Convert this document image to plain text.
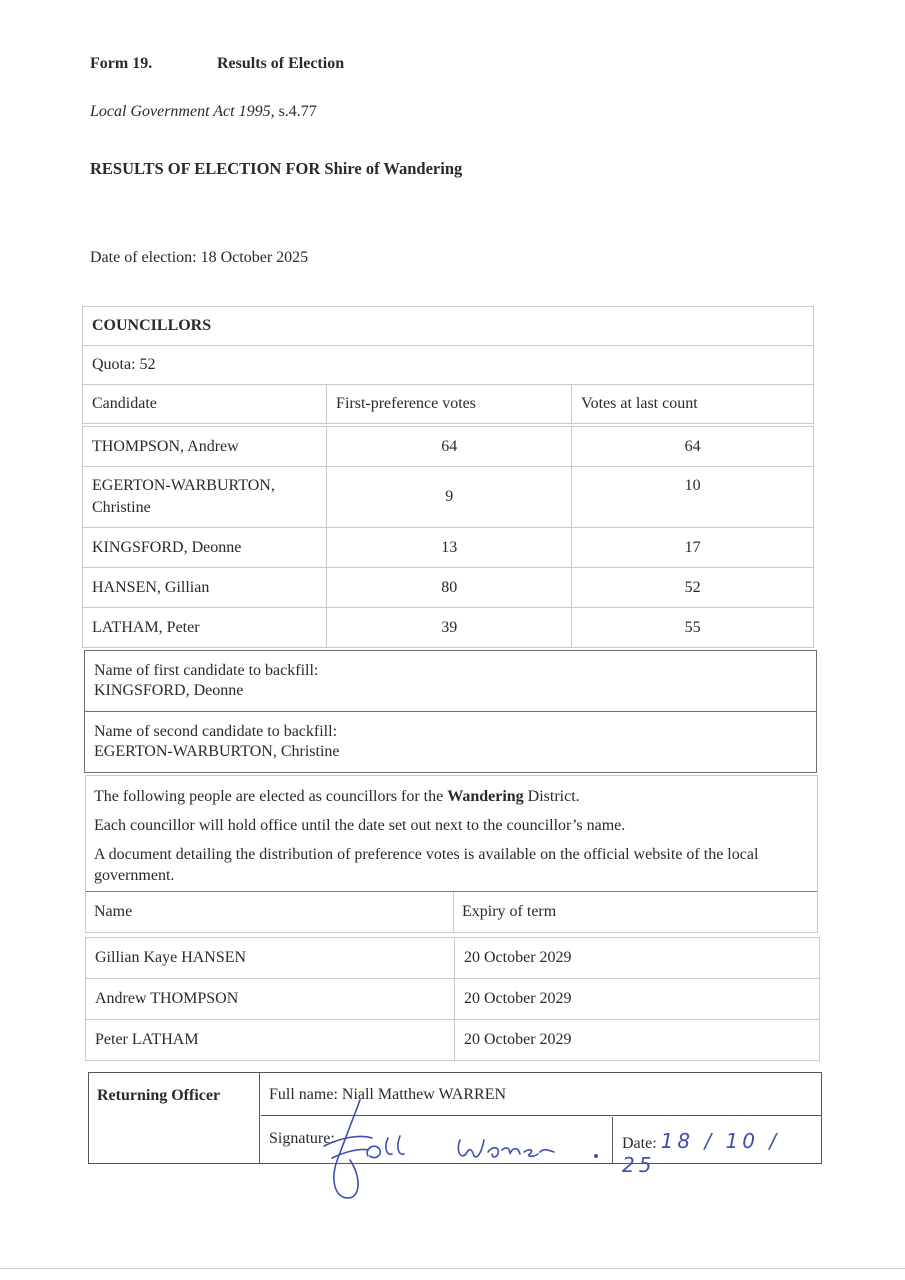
Form 19.	Results of Election
Local Government Act 1995, s.4.77
RESULTS OF ELECTION FOR Shire of Wandering
Date of election: 18 October 2025
COUNCILLORS
Quota: 52
Candidate	First-preference votes	Votes at last count
THOMPSON, Andrew	64	64
EGERTON-WARBURTON, Christine	9	10
KINGSFORD, Deonne	13	17
HANSEN, Gillian	80	52
LATHAM, Peter	39	55
Name of first candidate to backfill:
KINGSFORD, Deonne
Name of second candidate to backfill:
EGERTON-WARBURTON, Christine

The following people are elected as councillors for the Wandering District.

Each councillor will hold office until the date set out next to the councillor’s name.

A document detailing the distribution of preference votes is available on the official website of the local government.

Name	Expiry of term
Gillian Kaye HANSEN	20 October 2029
Andrew THOMPSON	20 October 2029
Peter LATHAM	20 October 2029
Returning Officer	Full name: Niall Matthew WARREN
Signature:	Date: 18 / 10 / 25
